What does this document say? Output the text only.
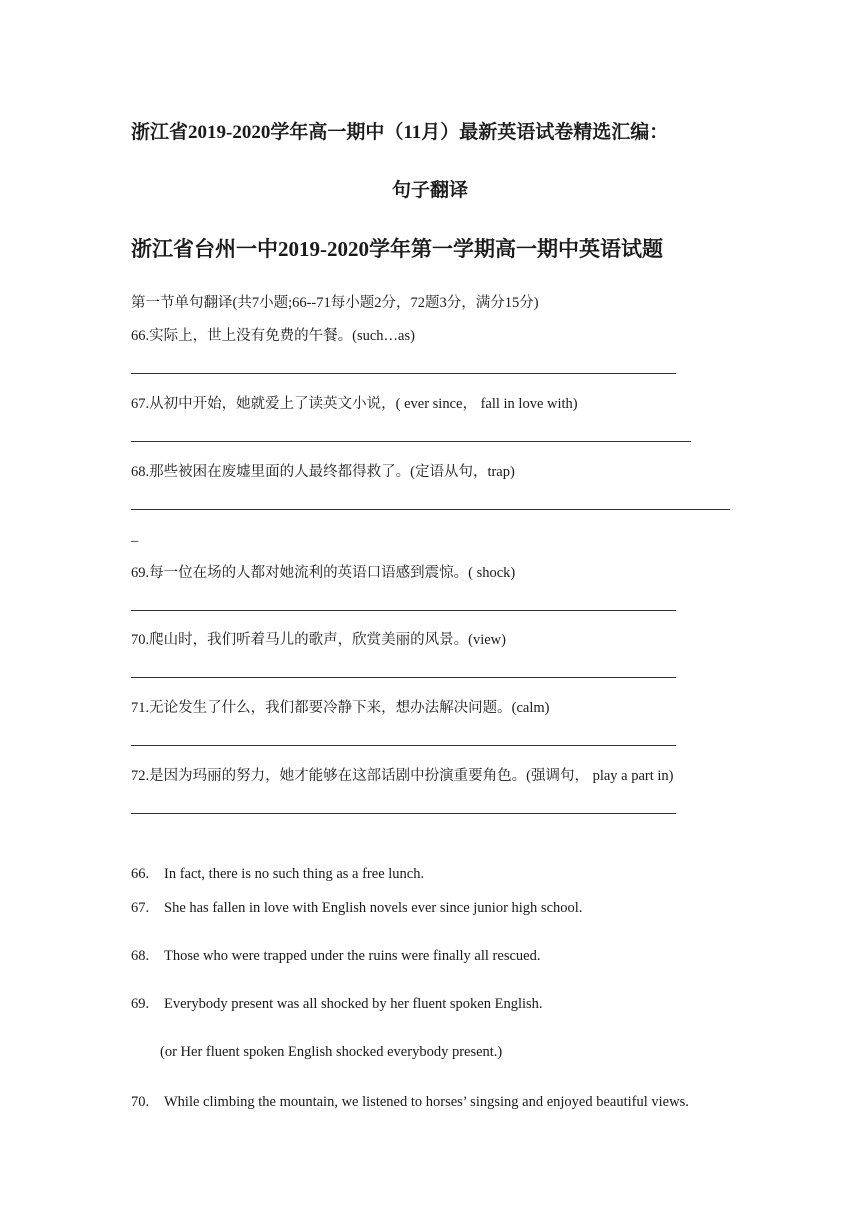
浙江省2019-2020学年高一期中（11月）最新英语试卷精选汇编：
句子翻译
浙江省台州一中2019-2020学年第一学期高一期中英语试题
第一节单句翻译(共7小题;66--71每小题2分，72题3分，满分15分)
66.实际上，世上没有免费的午餐。(such…as)
67.从初中开始，她就爱上了读英文小说，( ever since， fall in love with)
68.那些被困在废墟里面的人最终都得救了。(定语从句，trap)
_
69.每一位在场的人都对她流利的英语口语感到震惊。( shock)
70.爬山时，我们听着马儿的歌声，欣赏美丽的风景。(view)
71.无论发生了什么，我们都要冷静下来，想办法解决问题。(calm)
72.是因为玛丽的努力，她才能够在这部话剧中扮演重要角色。(强调句， play a part in)
66. In fact, there is no such thing as a free lunch.
67. She has fallen in love with English novels ever since junior high school.
68. Those who were trapped under the ruins were finally all rescued.
69. Everybody present was all shocked by her fluent spoken English.
(or Her fluent spoken English shocked everybody present.)
70. While climbing the mountain, we listened to horses’ singsing and enjoyed beautiful views.
